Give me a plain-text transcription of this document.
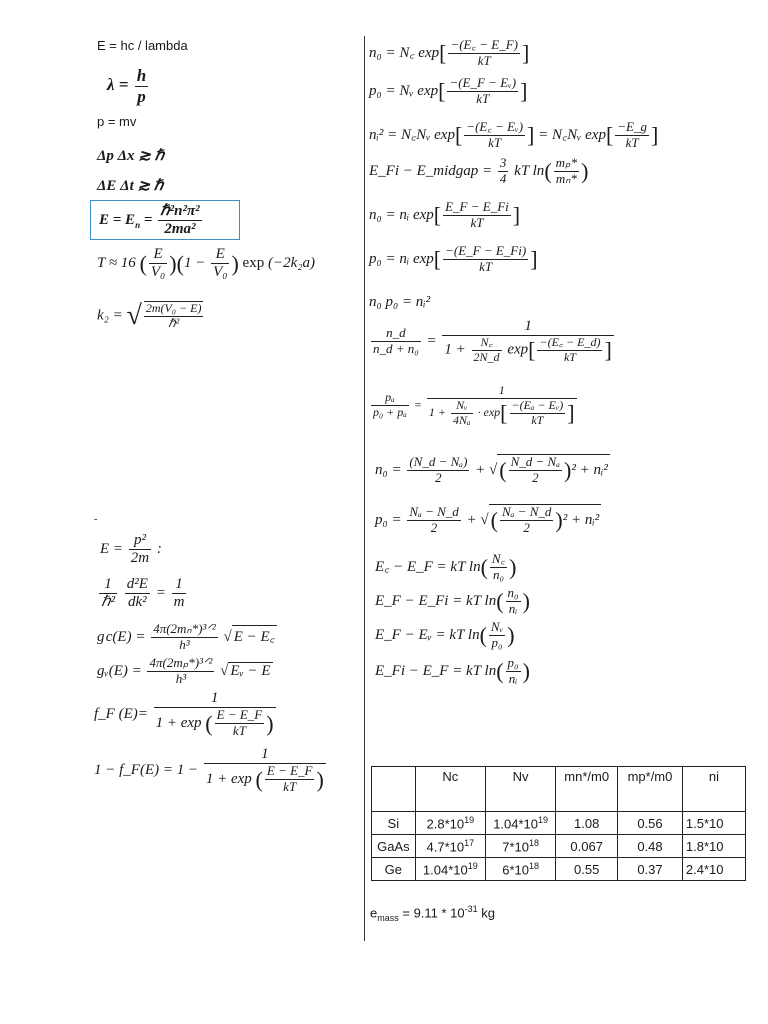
E = hc / lambda
$\lambda = \frac{h}{p}$
p = mv
Δp Δx ≳ ℏ
ΔE Δt ≳ ℏ
$E = E_n = \frac{\text{ℏ²n²π²}}{\text{2ma²}}$
T ≈ 16 ( $\frac{E}{\text{V₀}} )(1 - \frac{E}{\text{V₀}}$ ) exp (−2k₂a)
k₂ = √ $\frac{\text{2m(V₀ − E)}}{\text{ℏ²}}$
-
$E = \frac{\text{p²}}{2m}$ :
$\frac{1}{\text{ℏ²}}$
$\frac{\text{d²E}}{\text{dk²}} = \frac{1}{m}$
g $c(E) = \frac{\text{4π(2mₙ*)³ᐟ²}}{\text{h³}}$ √ E − E꜀
gᵥ(E) = $\frac{\text{4π(2mₚ*)³ᐟ²}}{\text{h³}}$ √ Eᵥ − E
f_F $(E)= \frac{1}{1 + \exp ( \frac{E - E\_F}{kT} )}$
1 − f_F(E) = $1 - \frac{1}{1 + \exp ( \frac{E - E\_F}{kT} )}$
n₀ = N꜀ $\exp[ \frac{-(E꜀ - E\_F)}{kT}$ ]
p₀ = Nᵥ $\exp[ \frac{\text{−(E\_F − Eᵥ)}}{kT}$ ]
nᵢ² = N꜀Nᵥ $\exp[ \frac{\text{−(E꜀ − Eᵥ)}}{kT}$ ] = N꜀Nᵥ $\exp[ \frac{-E\_g}{kT}$ ]
E_Fi − E_midgap = $\frac{3}{4}$ kT $\ln( \frac{\text{mₚ*}}{\text{mₙ*}}$ )
n₀ = nᵢ $\exp[ \frac{E\_F - E\_Fi}{kT}$ ]
p₀ = nᵢ $\exp[ \frac{-(E\_F - E\_Fi)}{kT}$ ]
n₀ p₀ = nᵢ²
$\frac{n\_d}{\text{n\_d + n₀}} = \frac{1}{1 + \frac{N꜀}{2N\_d} \exp[ \frac{-(E꜀ - E\_d)}{kT} ]}$
$\frac{\text{pₐ}}{\text{p₀ + pₐ}} = \frac{1}{1 + \frac{\text{Nᵥ}}{\text{4Nₐ}} \cdot \exp[ \frac{\text{−(Eₐ − Eᵥ)}}{kT} ]}$
$n_0 = \frac{\text{(N\_d − Nₐ)}}{2}$ + √( $\frac{\text{N\_d − Nₐ}}{2} )^2$ + nᵢ²
$p_0 = \frac{\text{Nₐ − N\_d}}{2}$ + √( $\frac{\text{Nₐ − N\_d}}{2} )^2$ + nᵢ²
E꜀ − E_F = kT $\ln( \frac{N꜀}{\text{n₀}}$ )
E_F − E_Fi = kT $\ln( \frac{\text{n₀}}{\text{nᵢ}}$ )
E_F − Eᵥ = kT $\ln( \frac{\text{Nᵥ}}{\text{p₀}}$ )
E_Fi − E_F = kT $\ln( \frac{\text{p₀}}{\text{nᵢ}}$ )
	Nc	Nv	mn*/m0	mp*/m0	ni
Si	$2.8*10^{19}$	$1.04*10^{19}$	1.08	0.56	1.5*10
GaAs	$4.7*10^{17}$	$7*10^{18}$	0.067	0.48	1.8*10
Ge	$1.04*10^{19}$	$6*10^{18}$	0.55	0.37	2.4*10
$e_{mass} = 9.11 * 10^{-31}$ kg
